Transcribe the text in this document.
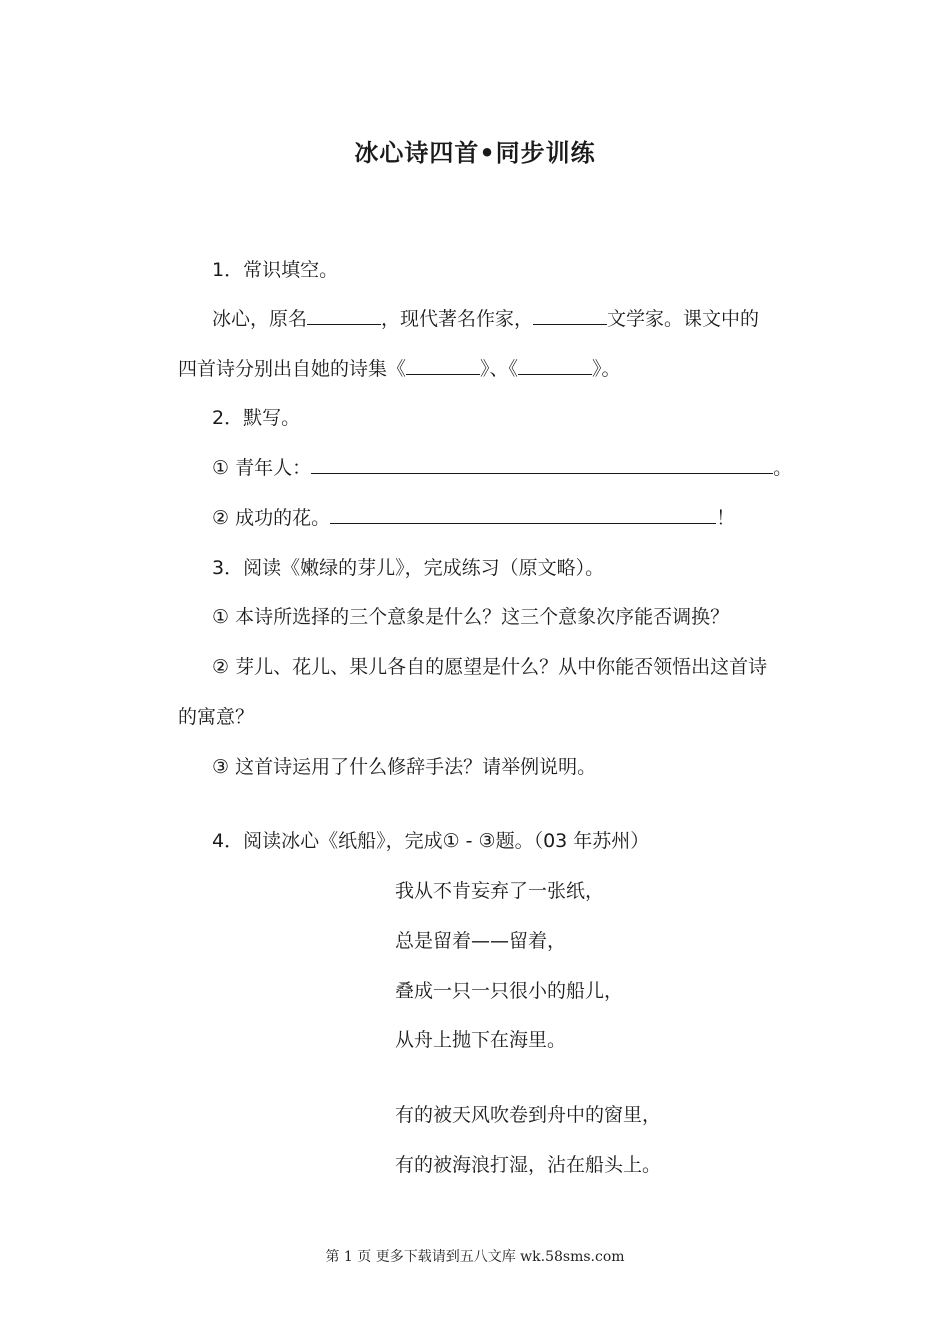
冰心诗四首•同步训练
1．常识填空。
冰心，原名	，现代著名作家，	文学家。课文中的
四首诗分别出自她的诗集《	》、《	》。
2．默写。
① 青年人：	。
② 成功的花。	！
3．阅读《嫩绿的芽儿》，完成练习（原文略）。
① 本诗所选择的三个意象是什么？这三个意象次序能否调换？
② 芽儿、花儿、果儿各自的愿望是什么？从中你能否领悟出这首诗
的寓意？
③ 这首诗运用了什么修辞手法？请举例说明。
4．阅读冰心《纸船》，完成① - ③题。（03 年苏州）
我从不肯妄弃了一张纸，
总是留着——留着，
叠成一只一只很小的船儿，
从舟上抛下在海里。
有的被天风吹卷到舟中的窗里，
有的被海浪打湿，沾在船头上。
第 1 页 更多下载请到五八文库 wk.58sms.com
